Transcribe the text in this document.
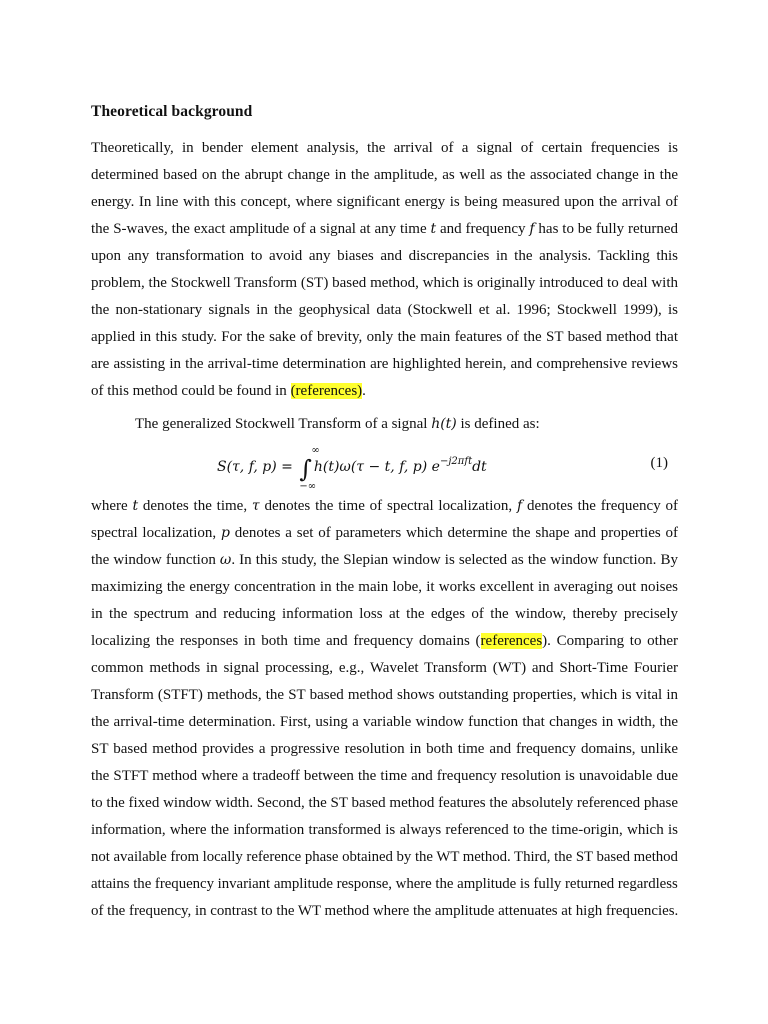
Theoretical background
Theoretically, in bender element analysis, the arrival of a signal of certain frequencies is
determined based on the abrupt change in the amplitude, as well as the associated change in the
energy. In line with this concept, where significant energy is being measured upon the arrival of
the S-waves, the exact amplitude of a signal at any time t and frequency f has to be fully returned
upon any transformation to avoid any biases and discrepancies in the analysis. Tackling this
problem, the Stockwell Transform (ST) based method, which is originally introduced to deal with
the non-stationary signals in the geophysical data (Stockwell et al. 1996; Stockwell 1999), is
applied in this study. For the sake of brevity, only the main features of the ST based method that
are assisting in the arrival-time determination are highlighted herein, and comprehensive reviews
of this method could be found in (references).
The generalized Stockwell Transform of a signal h(t) is defined as:
S(τ, f, p) = ∫
∞
−∞
h(t)ω(τ − t, f, p) $e^{-j2\pi ft}dt$	(1)
where t denotes the time, τ denotes the time of spectral localization, f denotes the frequency of
spectral localization, p denotes a set of parameters which determine the shape and properties of
the window function ω. In this study, the Slepian window is selected as the window function. By
maximizing the energy concentration in the main lobe, it works excellent in averaging out noises
in the spectrum and reducing information loss at the edges of the window, thereby precisely
localizing the responses in both time and frequency domains (references). Comparing to other
common methods in signal processing, e.g., Wavelet Transform (WT) and Short-Time Fourier
Transform (STFT) methods, the ST based method shows outstanding properties, which is vital in
the arrival-time determination. First, using a variable window function that changes in width, the
ST based method provides a progressive resolution in both time and frequency domains, unlike
the STFT method where a tradeoff between the time and frequency resolution is unavoidable due
to the fixed window width. Second, the ST based method features the absolutely referenced phase
information, where the information transformed is always referenced to the time-origin, which is
not available from locally reference phase obtained by the WT method. Third, the ST based method
attains the frequency invariant amplitude response, where the amplitude is fully returned regardless
of the frequency, in contrast to the WT method where the amplitude attenuates at high frequencies.
